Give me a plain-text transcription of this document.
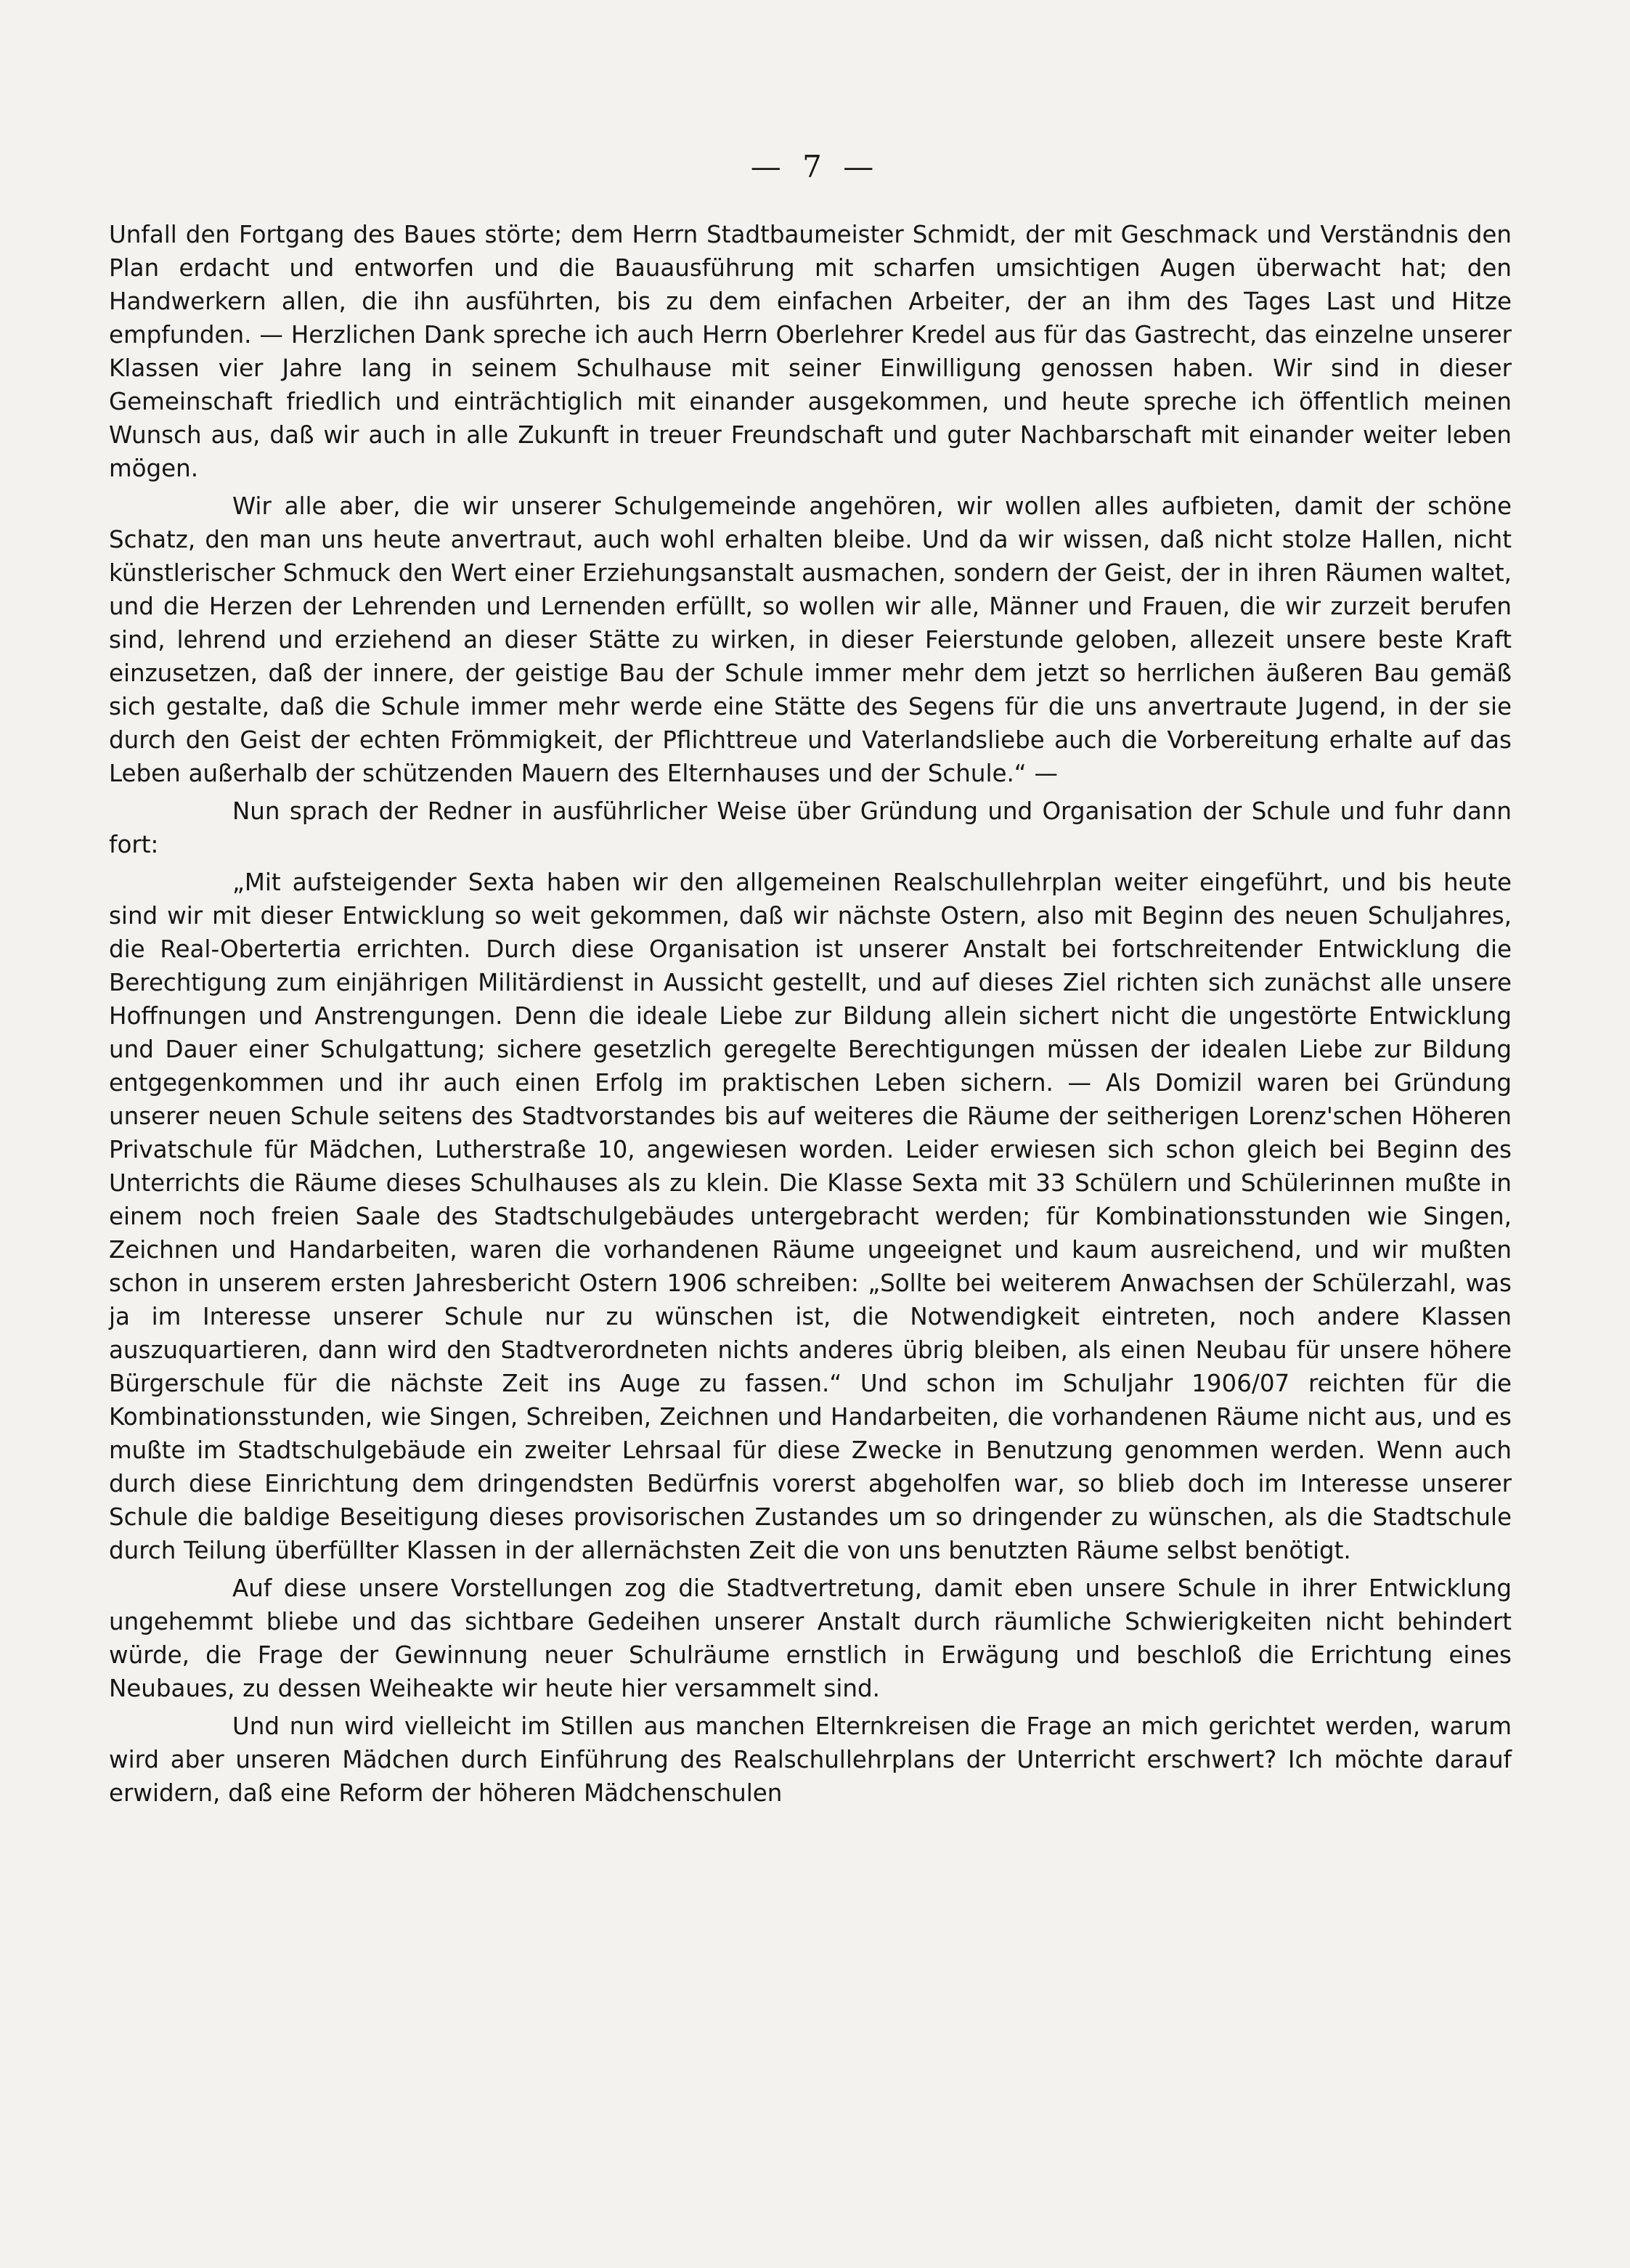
— 7 —

Unfall den Fortgang des Baues störte; dem Herrn Stadtbaumeister Schmidt, der mit Geschmack und Verständnis den Plan erdacht und entworfen und die Bauausführung mit scharfen umsichtigen Augen überwacht hat; den Handwerkern allen, die ihn ausführten, bis zu dem einfachen Arbeiter, der an ihm des Tages Last und Hitze empfunden. — Herzlichen Dank spreche ich auch Herrn Oberlehrer Kredel aus für das Gastrecht, das einzelne unserer Klassen vier Jahre lang in seinem Schulhause mit seiner Einwilligung genossen haben. Wir sind in dieser Gemeinschaft friedlich und einträchtiglich mit einander ausgekommen, und heute spreche ich öffentlich meinen Wunsch aus, daß wir auch in alle Zukunft in treuer Freundschaft und guter Nachbarschaft mit einander weiter leben mögen.

Wir alle aber, die wir unserer Schulgemeinde angehören, wir wollen alles aufbieten, damit der schöne Schatz, den man uns heute anvertraut, auch wohl erhalten bleibe. Und da wir wissen, daß nicht stolze Hallen, nicht künstlerischer Schmuck den Wert einer Erziehungsanstalt ausmachen, sondern der Geist, der in ihren Räumen waltet, und die Herzen der Lehrenden und Lernenden erfüllt, so wollen wir alle, Männer und Frauen, die wir zurzeit berufen sind, lehrend und erziehend an dieser Stätte zu wirken, in dieser Feierstunde geloben, allezeit unsere beste Kraft einzusetzen, daß der innere, der geistige Bau der Schule immer mehr dem jetzt so herrlichen äußeren Bau gemäß sich gestalte, daß die Schule immer mehr werde eine Stätte des Segens für die uns anvertraute Jugend, in der sie durch den Geist der echten Frömmigkeit, der Pflichttreue und Vaterlandsliebe auch die Vorbereitung erhalte auf das Leben außerhalb der schützenden Mauern des Elternhauses und der Schule.“ —

Nun sprach der Redner in ausführlicher Weise über Gründung und Organisation der Schule und fuhr dann fort:

„Mit aufsteigender Sexta haben wir den allgemeinen Realschullehrplan weiter eingeführt, und bis heute sind wir mit dieser Entwicklung so weit gekommen, daß wir nächste Ostern, also mit Beginn des neuen Schuljahres, die Real-Obertertia errichten. Durch diese Organisation ist unserer Anstalt bei fortschreitender Entwicklung die Berechtigung zum einjährigen Militärdienst in Aussicht gestellt, und auf dieses Ziel richten sich zunächst alle unsere Hoffnungen und Anstrengungen. Denn die ideale Liebe zur Bildung allein sichert nicht die ungestörte Entwicklung und Dauer einer Schulgattung; sichere gesetzlich geregelte Berechtigungen müssen der idealen Liebe zur Bildung entgegenkommen und ihr auch einen Erfolg im praktischen Leben sichern. — Als Domizil waren bei Gründung unserer neuen Schule seitens des Stadtvorstandes bis auf weiteres die Räume der seitherigen Lorenz'schen Höheren Privatschule für Mädchen, Lutherstraße 10, angewiesen worden. Leider erwiesen sich schon gleich bei Beginn des Unterrichts die Räume dieses Schulhauses als zu klein. Die Klasse Sexta mit 33 Schülern und Schülerinnen mußte in einem noch freien Saale des Stadtschulgebäudes untergebracht werden; für Kombinationsstunden wie Singen, Zeichnen und Handarbeiten, waren die vorhandenen Räume ungeeignet und kaum ausreichend, und wir mußten schon in unserem ersten Jahresbericht Ostern 1906 schreiben: „Sollte bei weiterem Anwachsen der Schülerzahl, was ja im Interesse unserer Schule nur zu wünschen ist, die Notwendigkeit eintreten, noch andere Klassen auszuquartieren, dann wird den Stadtverordneten nichts anderes übrig bleiben, als einen Neubau für unsere höhere Bürgerschule für die nächste Zeit ins Auge zu fassen.“ Und schon im Schuljahr 1906/07 reichten für die Kombinationsstunden, wie Singen, Schreiben, Zeichnen und Handarbeiten, die vorhandenen Räume nicht aus, und es mußte im Stadtschulgebäude ein zweiter Lehrsaal für diese Zwecke in Benutzung genommen werden. Wenn auch durch diese Einrichtung dem dringendsten Bedürfnis vorerst abgeholfen war, so blieb doch im Interesse unserer Schule die baldige Beseitigung dieses provisorischen Zustandes um so dringender zu wünschen, als die Stadtschule durch Teilung überfüllter Klassen in der allernächsten Zeit die von uns benutzten Räume selbst benötigt.

Auf diese unsere Vorstellungen zog die Stadtvertretung, damit eben unsere Schule in ihrer Entwicklung ungehemmt bliebe und das sichtbare Gedeihen unserer Anstalt durch räumliche Schwierigkeiten nicht behindert würde, die Frage der Gewinnung neuer Schulräume ernstlich in Erwägung und beschloß die Errichtung eines Neubaues, zu dessen Weiheakte wir heute hier versammelt sind.

Und nun wird vielleicht im Stillen aus manchen Elternkreisen die Frage an mich gerichtet werden, warum wird aber unseren Mädchen durch Einführung des Realschullehrplans der Unterricht erschwert? Ich möchte darauf erwidern, daß eine Reform der höheren Mädchenschulen
